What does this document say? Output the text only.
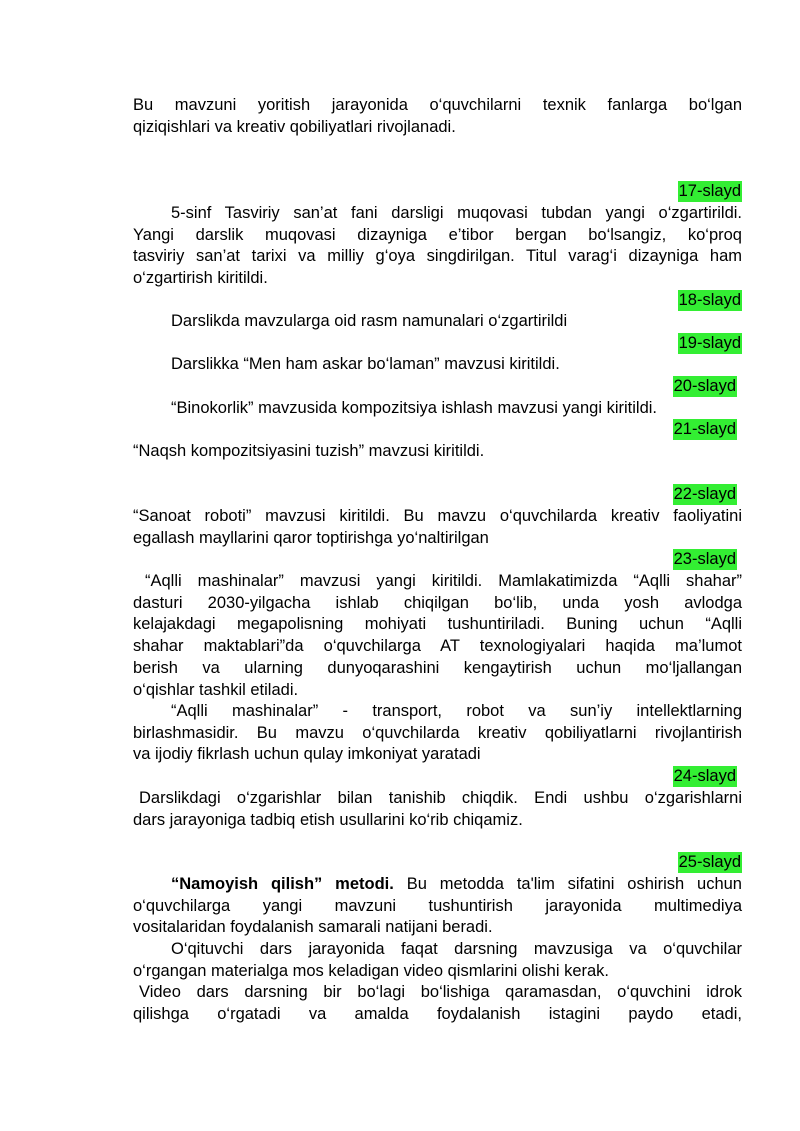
Bu mavzuni yoritish jarayonida o‘quvchilarni texnik fanlarga bo‘lgan
qiziqishlari va kreativ qobiliyatlari rivojlanadi.
17-slayd
5-sinf Tasviriy san’at fani darsligi muqovasi tubdan yangi o‘zgartirildi.
Yangi darslik muqovasi dizayniga e’tibor bergan bo‘lsangiz, ko‘proq
tasviriy san’at tarixi va milliy g‘oya singdirilgan. Titul varag‘i dizayniga ham
o‘zgartirish kiritildi.
18-slayd
Darslikda mavzularga oid rasm namunalari o‘zgartirildi
19-slayd
Darslikka “Men ham askar bo‘laman” mavzusi kiritildi.
20-slayd
“Binokorlik” mavzusida kompozitsiya ishlash mavzusi yangi kiritildi.
21-slayd
“Naqsh kompozitsiyasini tuzish” mavzusi kiritildi.
22-slayd
“Sanoat roboti” mavzusi kiritildi. Bu mavzu o‘quvchilarda kreativ faoliyatini
egallash mayllarini qaror toptirishga yo‘naltirilgan
23-slayd
“Aqlli mashinalar” mavzusi yangi kiritildi. Mamlakatimizda “Aqlli shahar”
dasturi 2030-yilgacha ishlab chiqilgan bo‘lib, unda yosh avlodga
kelajakdagi megapolisning mohiyati tushuntiriladi. Buning uchun “Aqlli
shahar maktablari”da o‘quvchilarga AT texnologiyalari haqida ma’lumot
berish va ularning dunyoqarashini kengaytirish uchun mo‘ljallangan
o‘qishlar tashkil etiladi.
“Aqlli mashinalar” - transport, robot va sun’iy intellektlarning
birlashmasidir. Bu mavzu o‘quvchilarda kreativ qobiliyatlarni rivojlantirish
va ijodiy fikrlash uchun qulay imkoniyat yaratadi
24-slayd
Darslikdagi o‘zgarishlar bilan tanishib chiqdik. Endi ushbu o‘zgarishlarni
dars jarayoniga tadbiq etish usullarini ko‘rib chiqamiz.
25-slayd
“Namoyish qilish” metodi. Bu metodda ta'lim sifatini oshirish uchun
o‘quvchilarga yangi mavzuni tushuntirish jarayonida multimediya
vositalaridan foydalanish samarali natijani beradi.
O‘qituvchi dars jarayonida faqat darsning mavzusiga va o‘quvchilar
o‘rgangan materialga mos keladigan video qismlarini olishi kerak.
Video dars darsning bir bo‘lagi bo‘lishiga qaramasdan, o‘quvchini idrok
qilishga o‘rgatadi va amalda foydalanish istagini paydo etadi,
